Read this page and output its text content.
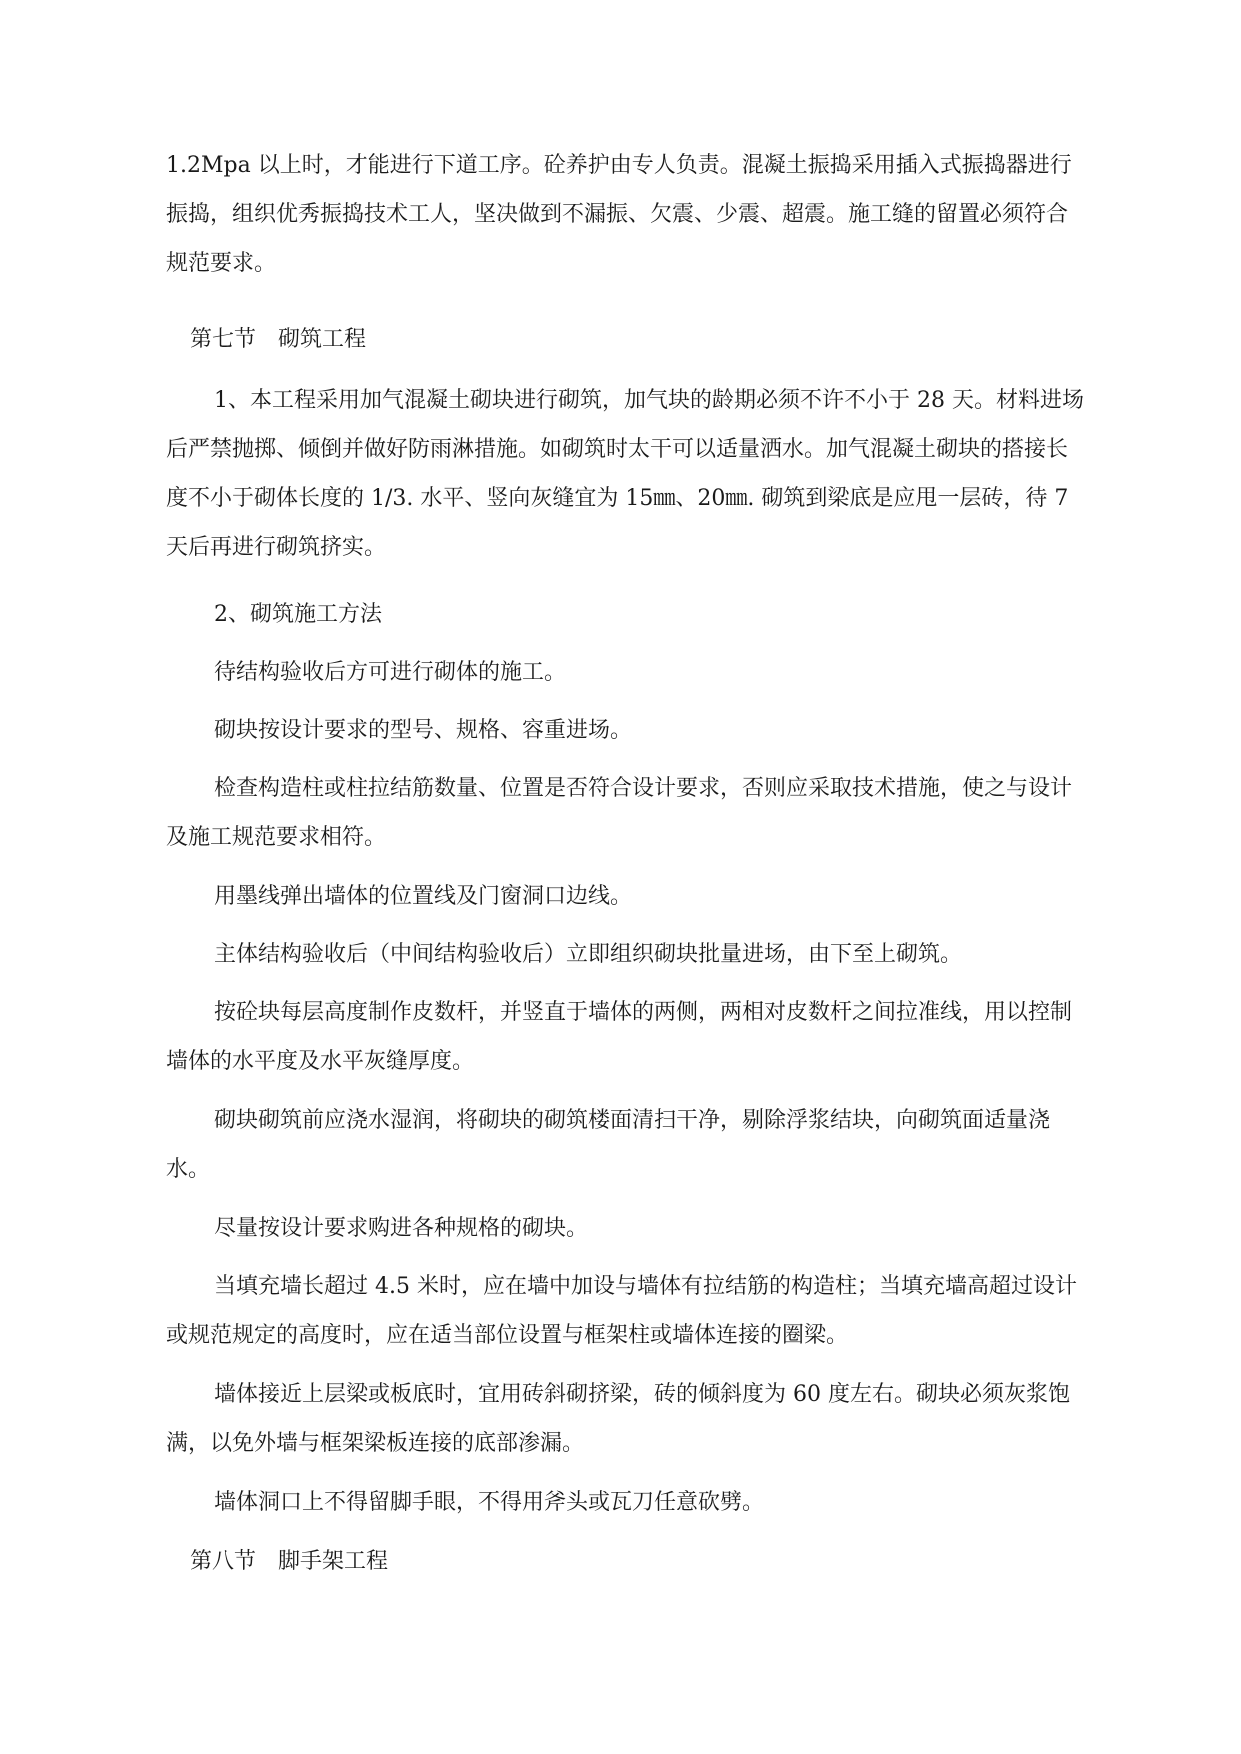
1.2Mpa 以上时，才能进行下道工序。砼养护由专人负责。混凝土振捣采用插入式振捣器进行振捣，组织优秀振捣技术工人，坚决做到不漏振、欠震、少震、超震。施工缝的留置必须符合规范要求。

第七节 砌筑工程

1、本工程采用加气混凝土砌块进行砌筑，加气块的龄期必须不许不小于 28 天。材料进场后严禁抛掷、倾倒并做好防雨淋措施。如砌筑时太干可以适量洒水。加气混凝土砌块的搭接长度不小于砌体长度的 1/3. 水平、竖向灰缝宜为 15㎜、20㎜. 砌筑到梁底是应甩一层砖，待 7 天后再进行砌筑挤实。

2、砌筑施工方法

待结构验收后方可进行砌体的施工。

砌块按设计要求的型号、规格、容重进场。

检查构造柱或柱拉结筋数量、位置是否符合设计要求，否则应采取技术措施，使之与设计及施工规范要求相符。

用墨线弹出墙体的位置线及门窗洞口边线。

主体结构验收后（中间结构验收后）立即组织砌块批量进场，由下至上砌筑。

按砼块每层高度制作皮数杆，并竖直于墙体的两侧，两相对皮数杆之间拉准线，用以控制墙体的水平度及水平灰缝厚度。

砌块砌筑前应浇水湿润，将砌块的砌筑楼面清扫干净，剔除浮浆结块，向砌筑面适量浇水。

尽量按设计要求购进各种规格的砌块。

当填充墙长超过 4.5 米时，应在墙中加设与墙体有拉结筋的构造柱；当填充墙高超过设计或规范规定的高度时，应在适当部位设置与框架柱或墙体连接的圈梁。

墙体接近上层梁或板底时，宜用砖斜砌挤梁，砖的倾斜度为 60 度左右。砌块必须灰浆饱满，以免外墙与框架梁板连接的底部渗漏。

墙体洞口上不得留脚手眼，不得用斧头或瓦刀任意砍劈。

第八节 脚手架工程
